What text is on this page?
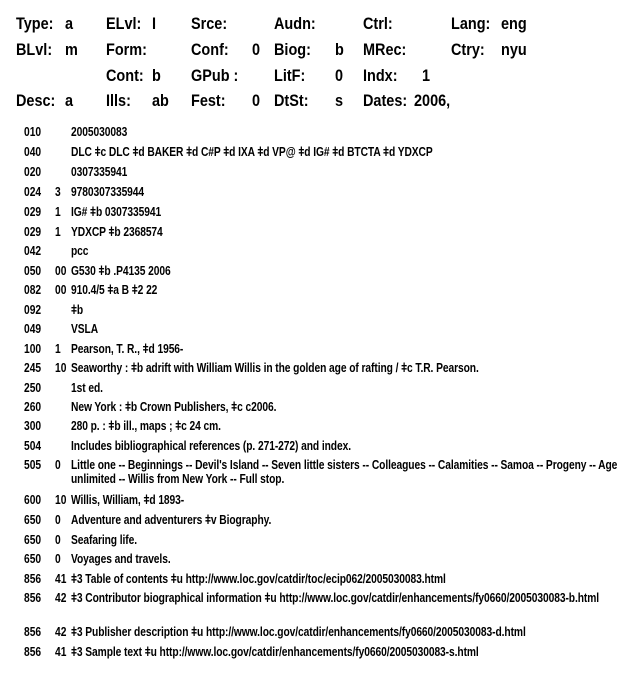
Type: a ELvl: I Srce:	Audn:	Ctrl:	Lang: eng
BLvl: m Form:	Conf: 0 Biog: b MRec:	Ctry: nyu
Cont: b GPub : LitF: 0 Indx: 1
Desc: a Ills: ab Fest: 0 DtSt: s Dates: 2006,
010 2005030083
040 DLC ǂc DLC ǂd BAKER ǂd C#P ǂd IXA ǂd VP@ ǂd IG# ǂd BTCTA ǂd YDXCP
020 0307335941
024 3 9780307335944
029 1 IG# ǂb 0307335941
029 1 YDXCP ǂb 2368574
042 pcc
050 00 G530 ǂb .P4135 2006
082 00 910.4/5 ǂa B ǂ2 22
092 ǂb
049 VSLA
100 1 Pearson, T. R., ǂd 1956-
245 10 Seaworthy : ǂb adrift with William Willis in the golden age of rafting / ǂc T.R. Pearson.
250 1st ed.
260 New York : ǂb Crown Publishers, ǂc c2006.
300 280 p. : ǂb ill., maps ; ǂc 24 cm.
504 Includes bibliographical references (p. 271-272) and index.
505 0 Little one -- Beginnings -- Devil's Island -- Seven little sisters -- Colleagues -- Calamities -- Samoa -- Progeny -- Age unlimited -- Willis from New York -- Full stop.
600 10 Willis, William, ǂd 1893-
650 0 Adventure and adventurers ǂv Biography.
650 0 Seafaring life.
650 0 Voyages and travels.
856 41 ǂ3 Table of contents ǂu http://www.loc.gov/catdir/toc/ecip062/2005030083.html
856 42 ǂ3 Contributor biographical information ǂu http://www.loc.gov/catdir/enhancements/fy0660/2005030083-b.html
856 42 ǂ3 Publisher description ǂu http://www.loc.gov/catdir/enhancements/fy0660/2005030083-d.html
856 41 ǂ3 Sample text ǂu http://www.loc.gov/catdir/enhancements/fy0660/2005030083-s.html
